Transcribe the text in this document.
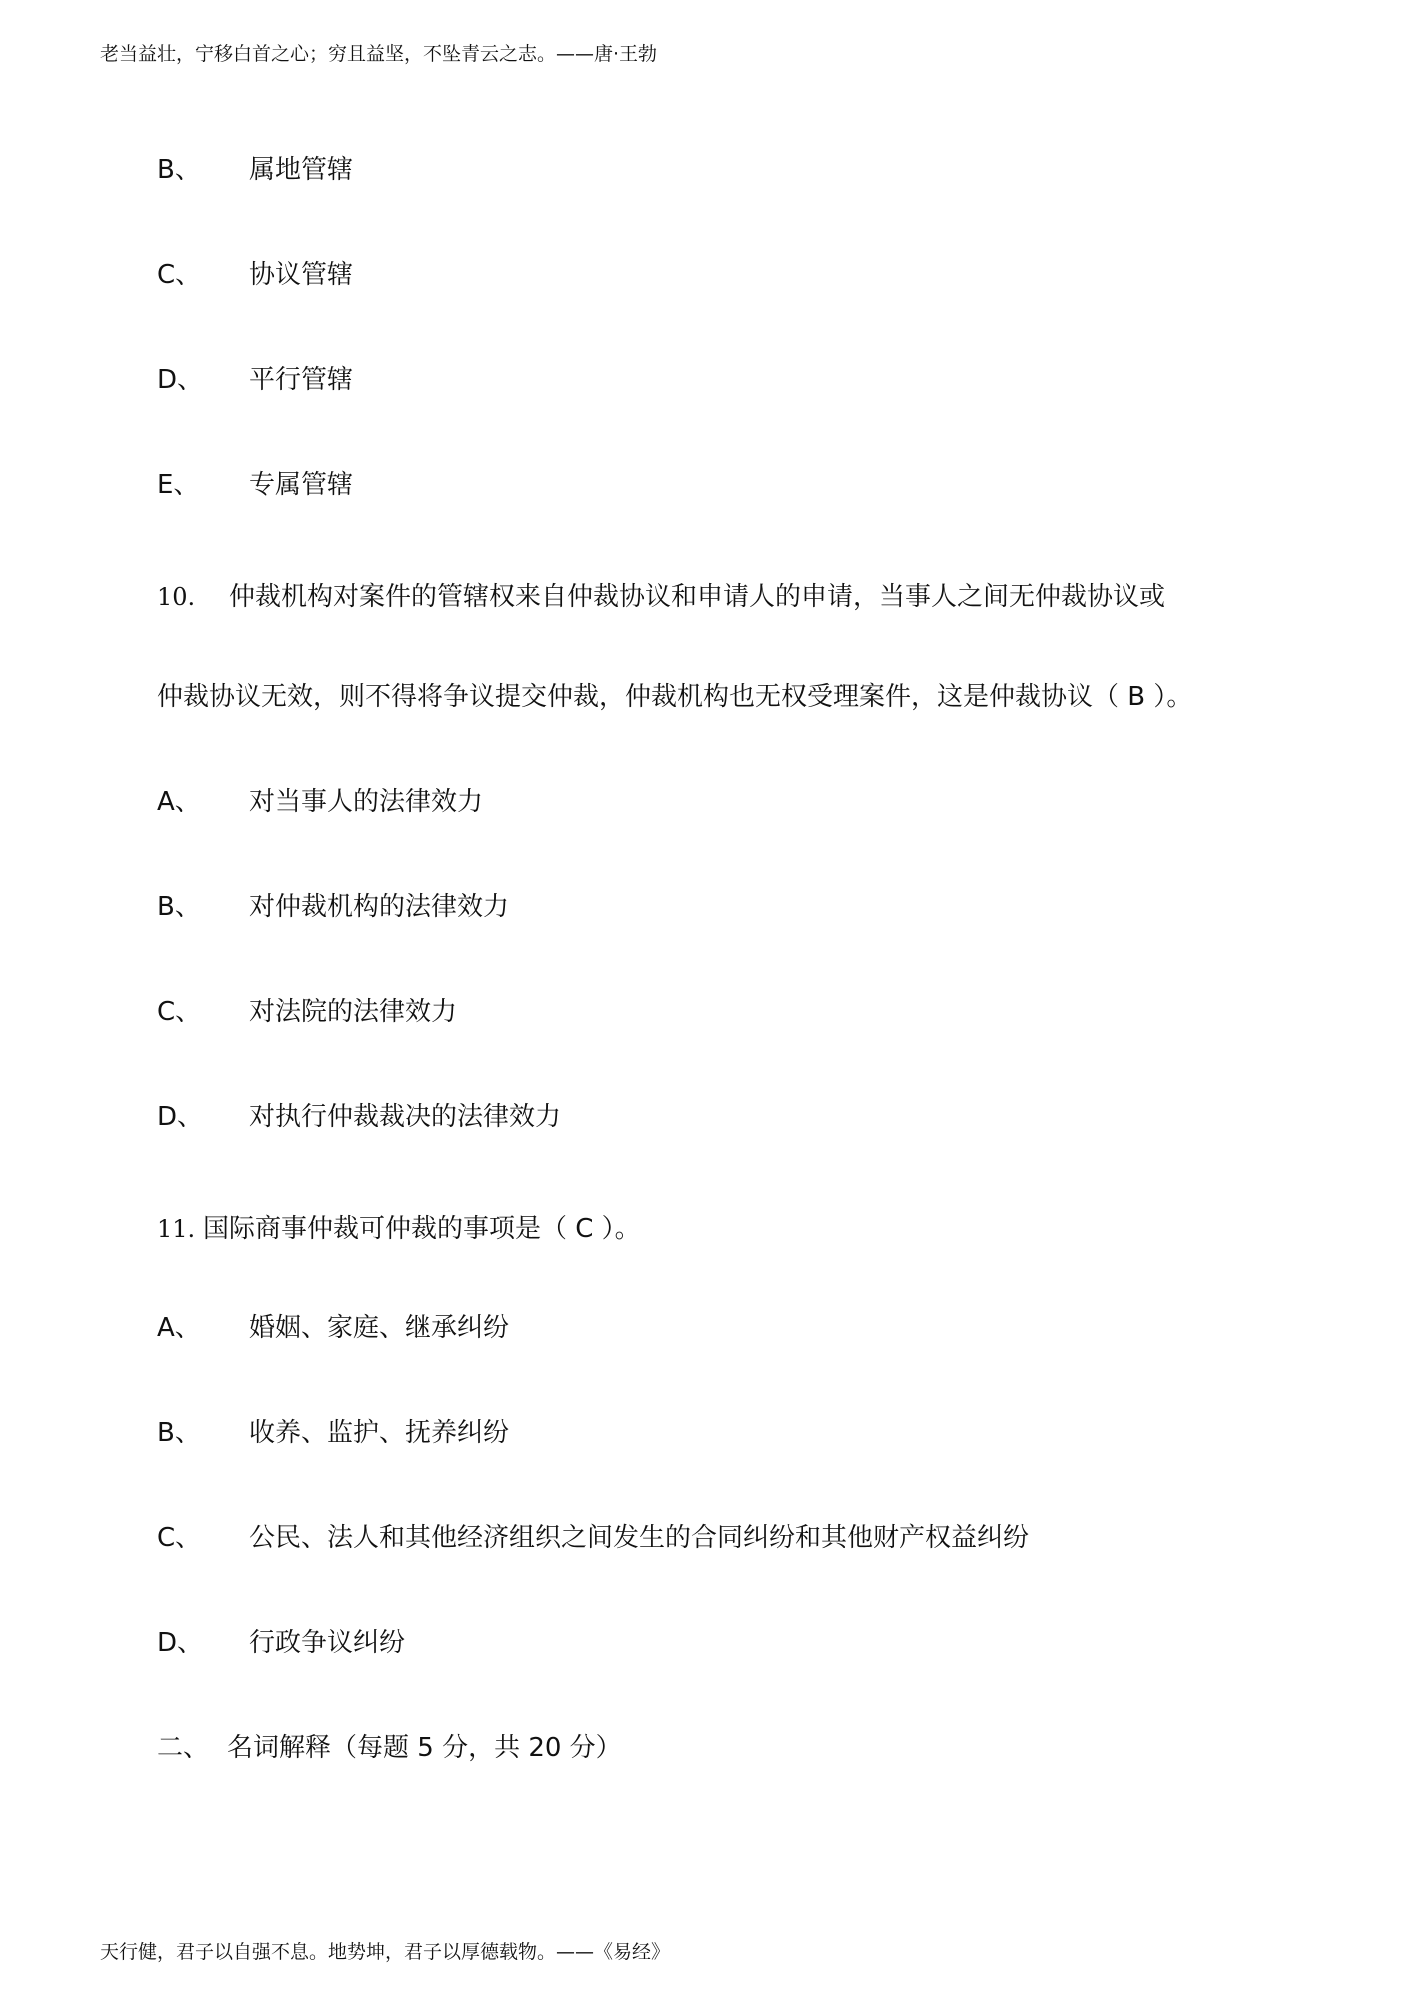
老当益壮，宁移白首之心；穷且益坚，不坠青云之志。——唐·王勃
B、 属地管辖
C、 协议管辖
D、 平行管辖
E、 专属管辖
10. 仲裁机构对案件的管辖权来自仲裁协议和申请人的申请，当事人之间无仲裁协议或
仲裁协议无效，则不得将争议提交仲裁，仲裁机构也无权受理案件，这是仲裁协议（ B ）。
A、 对当事人的法律效力
B、 对仲裁机构的法律效力
C、 对法院的法律效力
D、 对执行仲裁裁决的法律效力
11. 国际商事仲裁可仲裁的事项是（ C ）。
A、 婚姻、家庭、继承纠纷
B、 收养、监护、抚养纠纷
C、 公民、法人和其他经济组织之间发生的合同纠纷和其他财产权益纠纷
D、 行政争议纠纷
二、 名词解释（每题 5 分，共 20 分）
天行健，君子以自强不息。地势坤，君子以厚德载物。——《易经》
